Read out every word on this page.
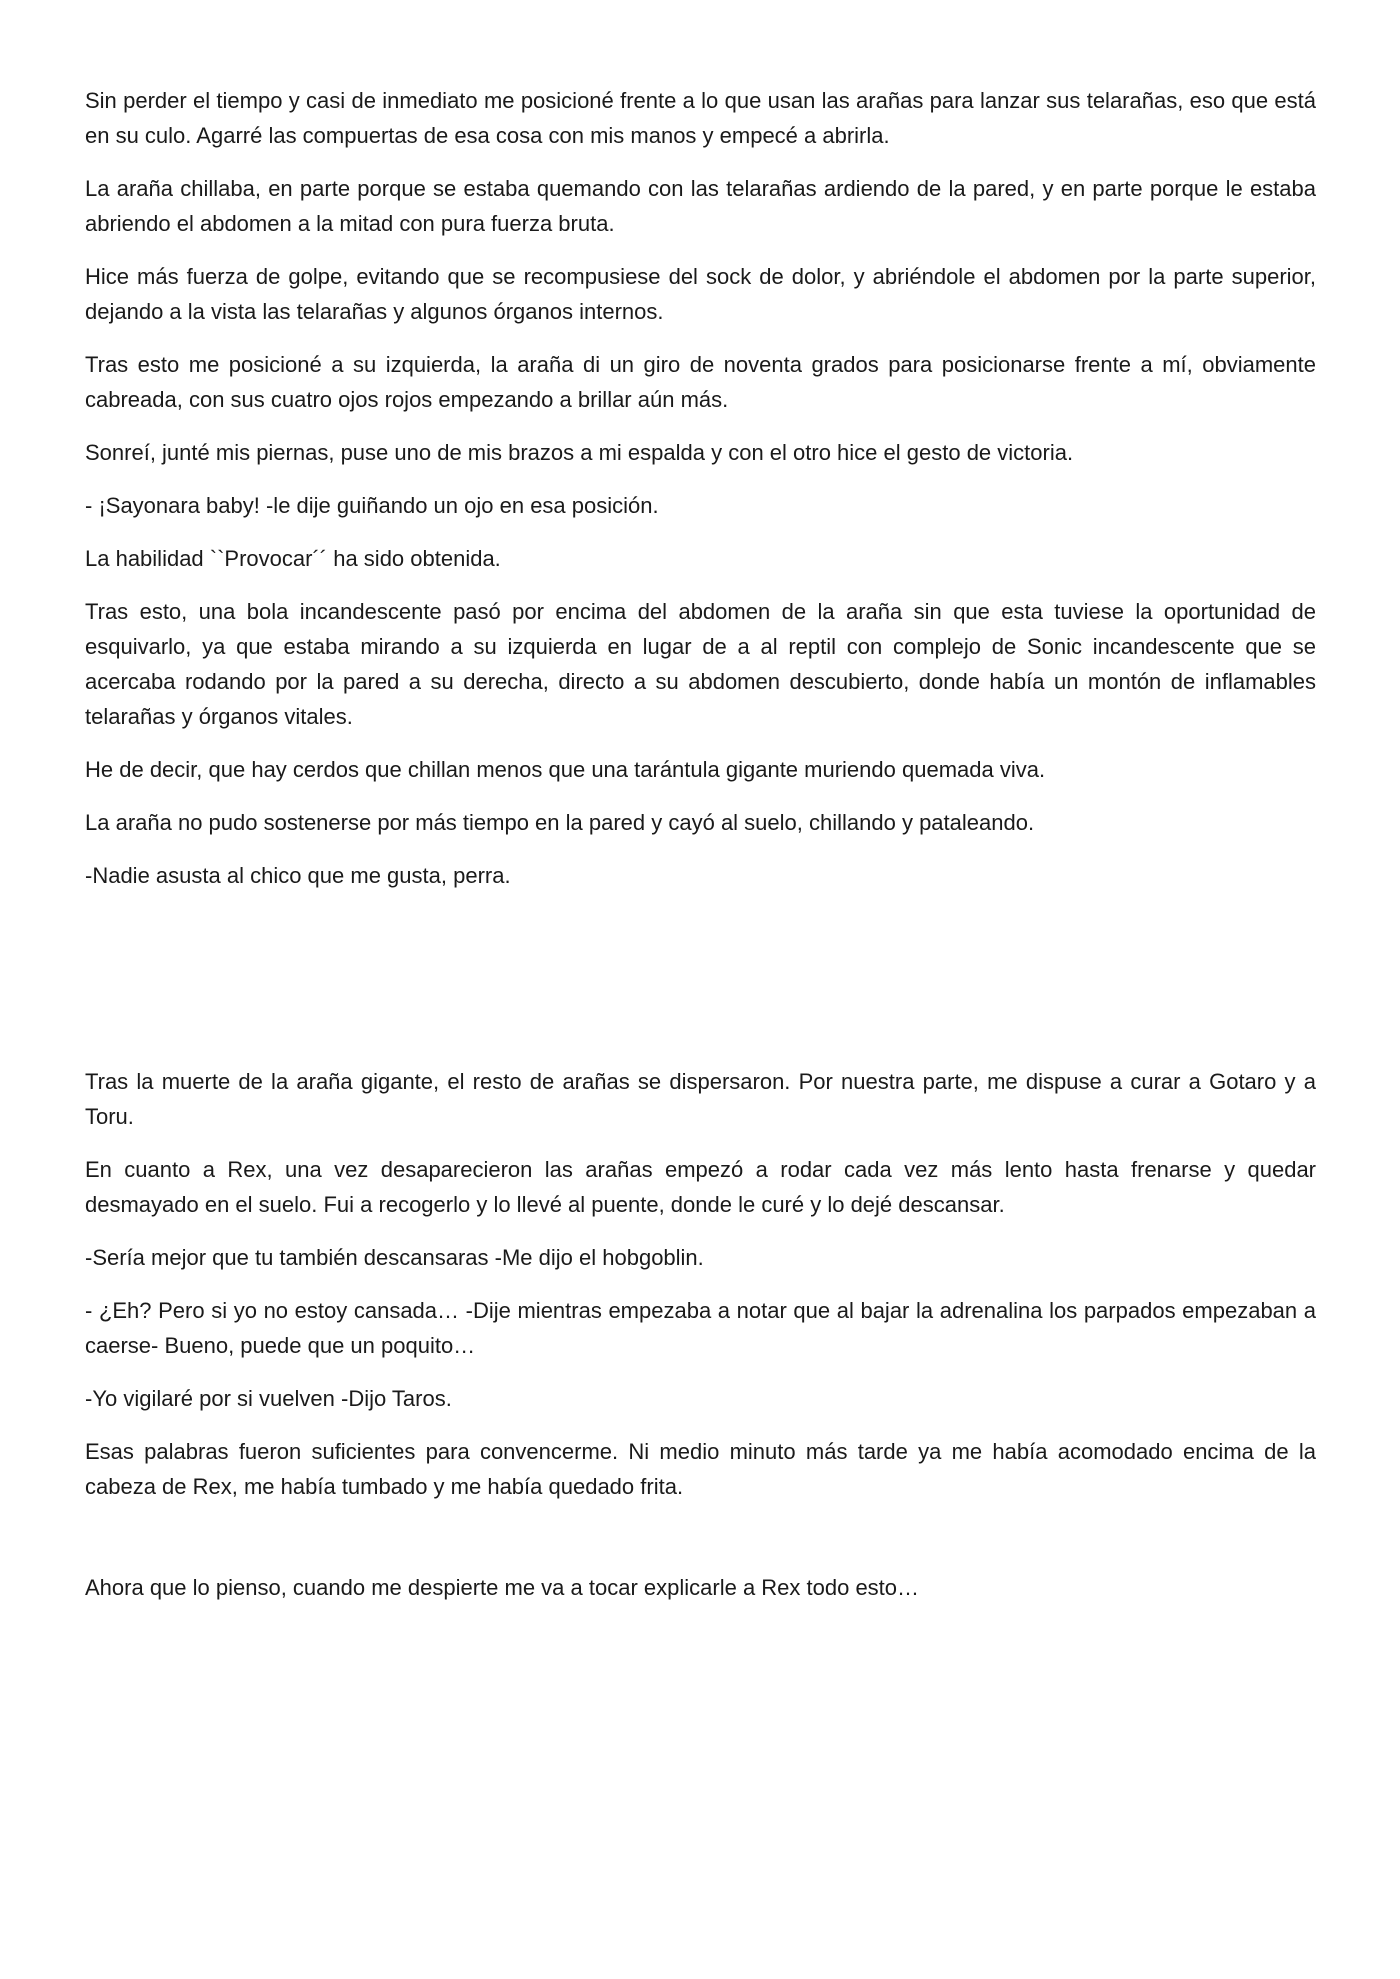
Sin perder el tiempo y casi de inmediato me posicioné frente a lo que usan las arañas para lanzar sus telarañas, eso que está en su culo. Agarré las compuertas de esa cosa con mis manos y empecé a abrirla.

La araña chillaba, en parte porque se estaba quemando con las telarañas ardiendo de la pared, y en parte porque le estaba abriendo el abdomen a la mitad con pura fuerza bruta.

Hice más fuerza de golpe, evitando que se recompusiese del sock de dolor, y abriéndole el abdomen por la parte superior, dejando a la vista las telarañas y algunos órganos internos.

Tras esto me posicioné a su izquierda, la araña di un giro de noventa grados para posicionarse frente a mí, obviamente cabreada, con sus cuatro ojos rojos empezando a brillar aún más.

Sonreí, junté mis piernas, puse uno de mis brazos a mi espalda y con el otro hice el gesto de victoria.

- ¡Sayonara baby! -le dije guiñando un ojo en esa posición.

La habilidad ``Provocar´´ ha sido obtenida.

Tras esto, una bola incandescente pasó por encima del abdomen de la araña sin que esta tuviese la oportunidad de esquivarlo, ya que estaba mirando a su izquierda en lugar de a al reptil con complejo de Sonic incandescente que se acercaba rodando por la pared a su derecha, directo a su abdomen descubierto, donde había un montón de inflamables telarañas y órganos vitales.

He de decir, que hay cerdos que chillan menos que una tarántula gigante muriendo quemada viva.

La araña no pudo sostenerse por más tiempo en la pared y cayó al suelo, chillando y pataleando.

-Nadie asusta al chico que me gusta, perra.

Tras la muerte de la araña gigante, el resto de arañas se dispersaron. Por nuestra parte, me dispuse a curar a Gotaro y a Toru.

En cuanto a Rex, una vez desaparecieron las arañas empezó a rodar cada vez más lento hasta frenarse y quedar desmayado en el suelo. Fui a recogerlo y lo llevé al puente, donde le curé y lo dejé descansar.

-Sería mejor que tu también descansaras -Me dijo el hobgoblin.

- ¿Eh? Pero si yo no estoy cansada… -Dije mientras empezaba a notar que al bajar la adrenalina los parpados empezaban a caerse- Bueno, puede que un poquito…

-Yo vigilaré por si vuelven -Dijo Taros.

Esas palabras fueron suficientes para convencerme. Ni medio minuto más tarde ya me había acomodado encima de la cabeza de Rex, me había tumbado y me había quedado frita.

Ahora que lo pienso, cuando me despierte me va a tocar explicarle a Rex todo esto…
